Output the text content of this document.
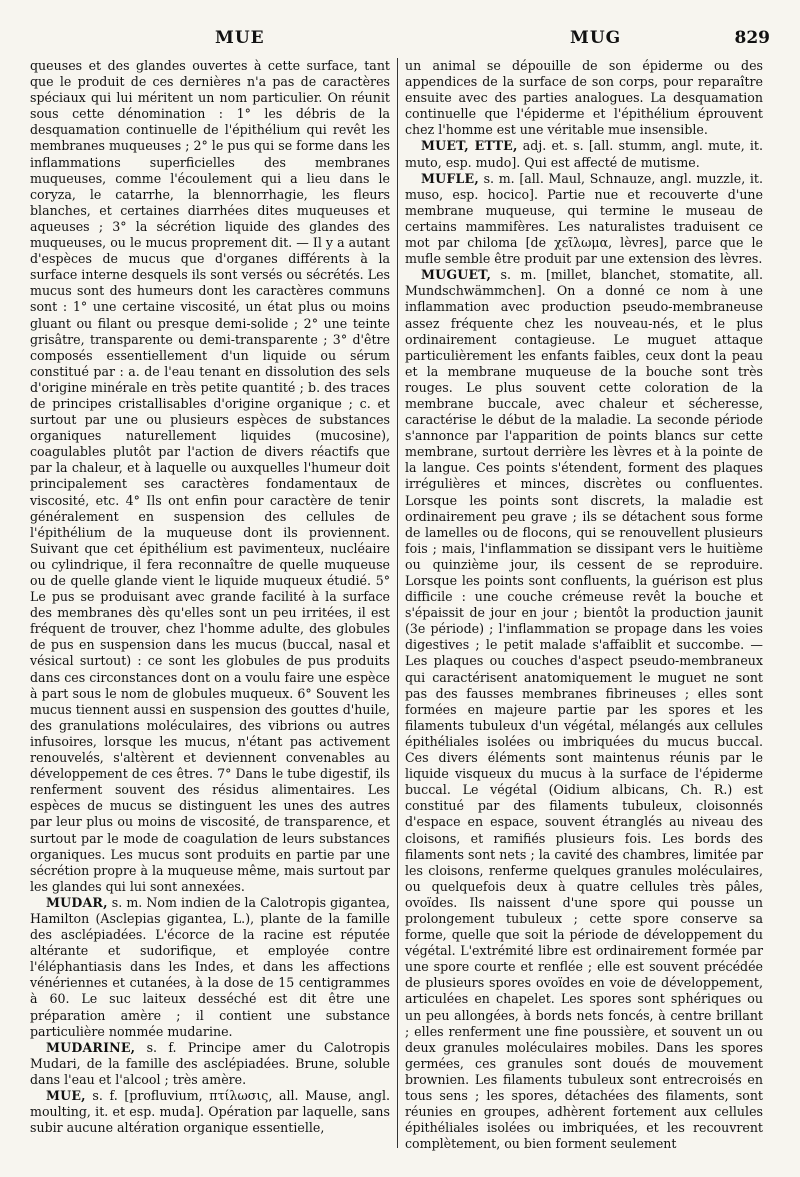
MUE	MUG	829

queuses et des glandes ouvertes à cette surface, tant que le produit de ces dernières n'a pas de caractères spéciaux qui lui méritent un nom particulier. On réunit sous cette dénomination : 1° les débris de la desquamation continuelle de l'épithélium qui revêt les membranes muqueuses ; 2° le pus qui se forme dans les inflammations superficielles des membranes muqueuses, comme l'écoulement qui a lieu dans le coryza, le catarrhe, la blennorrhagie, les fleurs blanches, et certaines diarrhées dites muqueuses et aqueuses ; 3° la sécrétion liquide des glandes des muqueuses, ou le mucus proprement dit. — Il y a autant d'espèces de mucus que d'organes différents à la surface interne desquels ils sont versés ou sécrétés. Les mucus sont des humeurs dont les caractères communs sont : 1° une certaine viscosité, un état plus ou moins gluant ou filant ou presque demi-solide ; 2° une teinte grisâtre, transparente ou demi-transparente ; 3° d'être composés essentiellement d'un liquide ou sérum constitué par : a. de l'eau tenant en dissolution des sels d'origine minérale en très petite quantité ; b. des traces de principes cristallisables d'origine organique ; c. et surtout par une ou plusieurs espèces de substances organiques naturellement liquides (mucosine), coagulables plutôt par l'action de divers réactifs que par la chaleur, et à laquelle ou auxquelles l'humeur doit principalement ses caractères fondamentaux de viscosité, etc. 4° Ils ont enfin pour caractère de tenir généralement en suspension des cellules de l'épithélium de la muqueuse dont ils proviennent. Suivant que cet épithélium est pavimenteux, nucléaire ou cylindrique, il fera reconnaître de quelle muqueuse ou de quelle glande vient le liquide muqueux étudié. 5° Le pus se produisant avec grande facilité à la surface des membranes dès qu'elles sont un peu irritées, il est fréquent de trouver, chez l'homme adulte, des globules de pus en suspension dans les mucus (buccal, nasal et vésical surtout) : ce sont les globules de pus produits dans ces circonstances dont on a voulu faire une espèce à part sous le nom de globules muqueux. 6° Souvent les mucus tiennent aussi en suspension des gouttes d'huile, des granulations moléculaires, des vibrions ou autres infusoires, lorsque les mucus, n'étant pas activement renouvelés, s'altèrent et deviennent convenables au développement de ces êtres. 7° Dans le tube digestif, ils renferment souvent des résidus alimentaires. Les espèces de mucus se distinguent les unes des autres par leur plus ou moins de viscosité, de transparence, et surtout par le mode de coagulation de leurs substances organiques. Les mucus sont produits en partie par une sécrétion propre à la muqueuse même, mais surtout par les glandes qui lui sont annexées.

MUDAR, s. m. Nom indien de la Calotropis gigantea, Hamilton (Asclepias gigantea, L.), plante de la famille des asclépiadées. L'écorce de la racine est réputée altérante et sudorifique, et employée contre l'éléphantiasis dans les Indes, et dans les affections vénériennes et cutanées, à la dose de 15 centigrammes à 60. Le suc laiteux desséché est dit être une préparation amère ; il contient une substance particulière nommée mudarine.

MUDARINE, s. f. Principe amer du Calotropis Mudari, de la famille des asclépiadées. Brune, soluble dans l'eau et l'alcool ; très amère.

MUE, s. f. [profluvium, πτίλωσις, all. Mause, angl. moulting, it. et esp. muda]. Opération par laquelle, sans subir aucune altération organique essentielle,

un animal se dépouille de son épiderme ou des appendices de la surface de son corps, pour reparaître ensuite avec des parties analogues. La desquamation continuelle que l'épiderme et l'épithélium éprouvent chez l'homme est une véritable mue insensible.

MUET, ETTE, adj. et. s. [all. stumm, angl. mute, it. muto, esp. mudo]. Qui est affecté de mutisme.

MUFLE, s. m. [all. Maul, Schnauze, angl. muzzle, it. muso, esp. hocico]. Partie nue et recouverte d'une membrane muqueuse, qui termine le museau de certains mammifères. Les naturalistes traduisent ce mot par chiloma [de χεῖλωμα, lèvres], parce que le mufle semble être produit par une extension des lèvres.

MUGUET, s. m. [millet, blanchet, stomatite, all. Mundschwämmchen]. On a donné ce nom à une inflammation avec production pseudo-membraneuse assez fréquente chez les nouveau-nés, et le plus ordinairement contagieuse. Le muguet attaque particulièrement les enfants faibles, ceux dont la peau et la membrane muqueuse de la bouche sont très rouges. Le plus souvent cette coloration de la membrane buccale, avec chaleur et sécheresse, caractérise le début de la maladie. La seconde période s'annonce par l'apparition de points blancs sur cette membrane, surtout derrière les lèvres et à la pointe de la langue. Ces points s'étendent, forment des plaques irrégulières et minces, discrètes ou confluentes. Lorsque les points sont discrets, la maladie est ordinairement peu grave ; ils se détachent sous forme de lamelles ou de flocons, qui se renouvellent plusieurs fois ; mais, l'inflammation se dissipant vers le huitième ou quinzième jour, ils cessent de se reproduire. Lorsque les points sont confluents, la guérison est plus difficile : une couche crémeuse revêt la bouche et s'épaissit de jour en jour ; bientôt la production jaunit (3e période) ; l'inflammation se propage dans les voies digestives ; le petit malade s'affaiblit et succombe. — Les plaques ou couches d'aspect pseudo-membraneux qui caractérisent anatomiquement le muguet ne sont pas des fausses membranes fibrineuses ; elles sont formées en majeure partie par les spores et les filaments tubuleux d'un végétal, mélangés aux cellules épithéliales isolées ou imbriquées du mucus buccal. Ces divers éléments sont maintenus réunis par le liquide visqueux du mucus à la surface de l'épiderme buccal. Le végétal (Oidium albicans, Ch. R.) est constitué par des filaments tubuleux, cloisonnés d'espace en espace, souvent étranglés au niveau des cloisons, et ramifiés plusieurs fois. Les bords des filaments sont nets ; la cavité des chambres, limitée par les cloisons, renferme quelques granules moléculaires, ou quelquefois deux à quatre cellules très pâles, ovoïdes. Ils naissent d'une spore qui pousse un prolongement tubuleux ; cette spore conserve sa forme, quelle que soit la période de développement du végétal. L'extrémité libre est ordinairement formée par une spore courte et renflée ; elle est souvent précédée de plusieurs spores ovoïdes en voie de développement, articulées en chapelet. Les spores sont sphériques ou un peu allongées, à bords nets foncés, à centre brillant ; elles renferment une fine poussière, et souvent un ou deux granules moléculaires mobiles. Dans les spores germées, ces granules sont doués de mouvement brownien. Les filaments tubuleux sont entrecroisés en tous sens ; les spores, détachées des filaments, sont réunies en groupes, adhèrent fortement aux cellules épithéliales isolées ou imbriquées, et les recouvrent complètement, ou bien forment seulement
